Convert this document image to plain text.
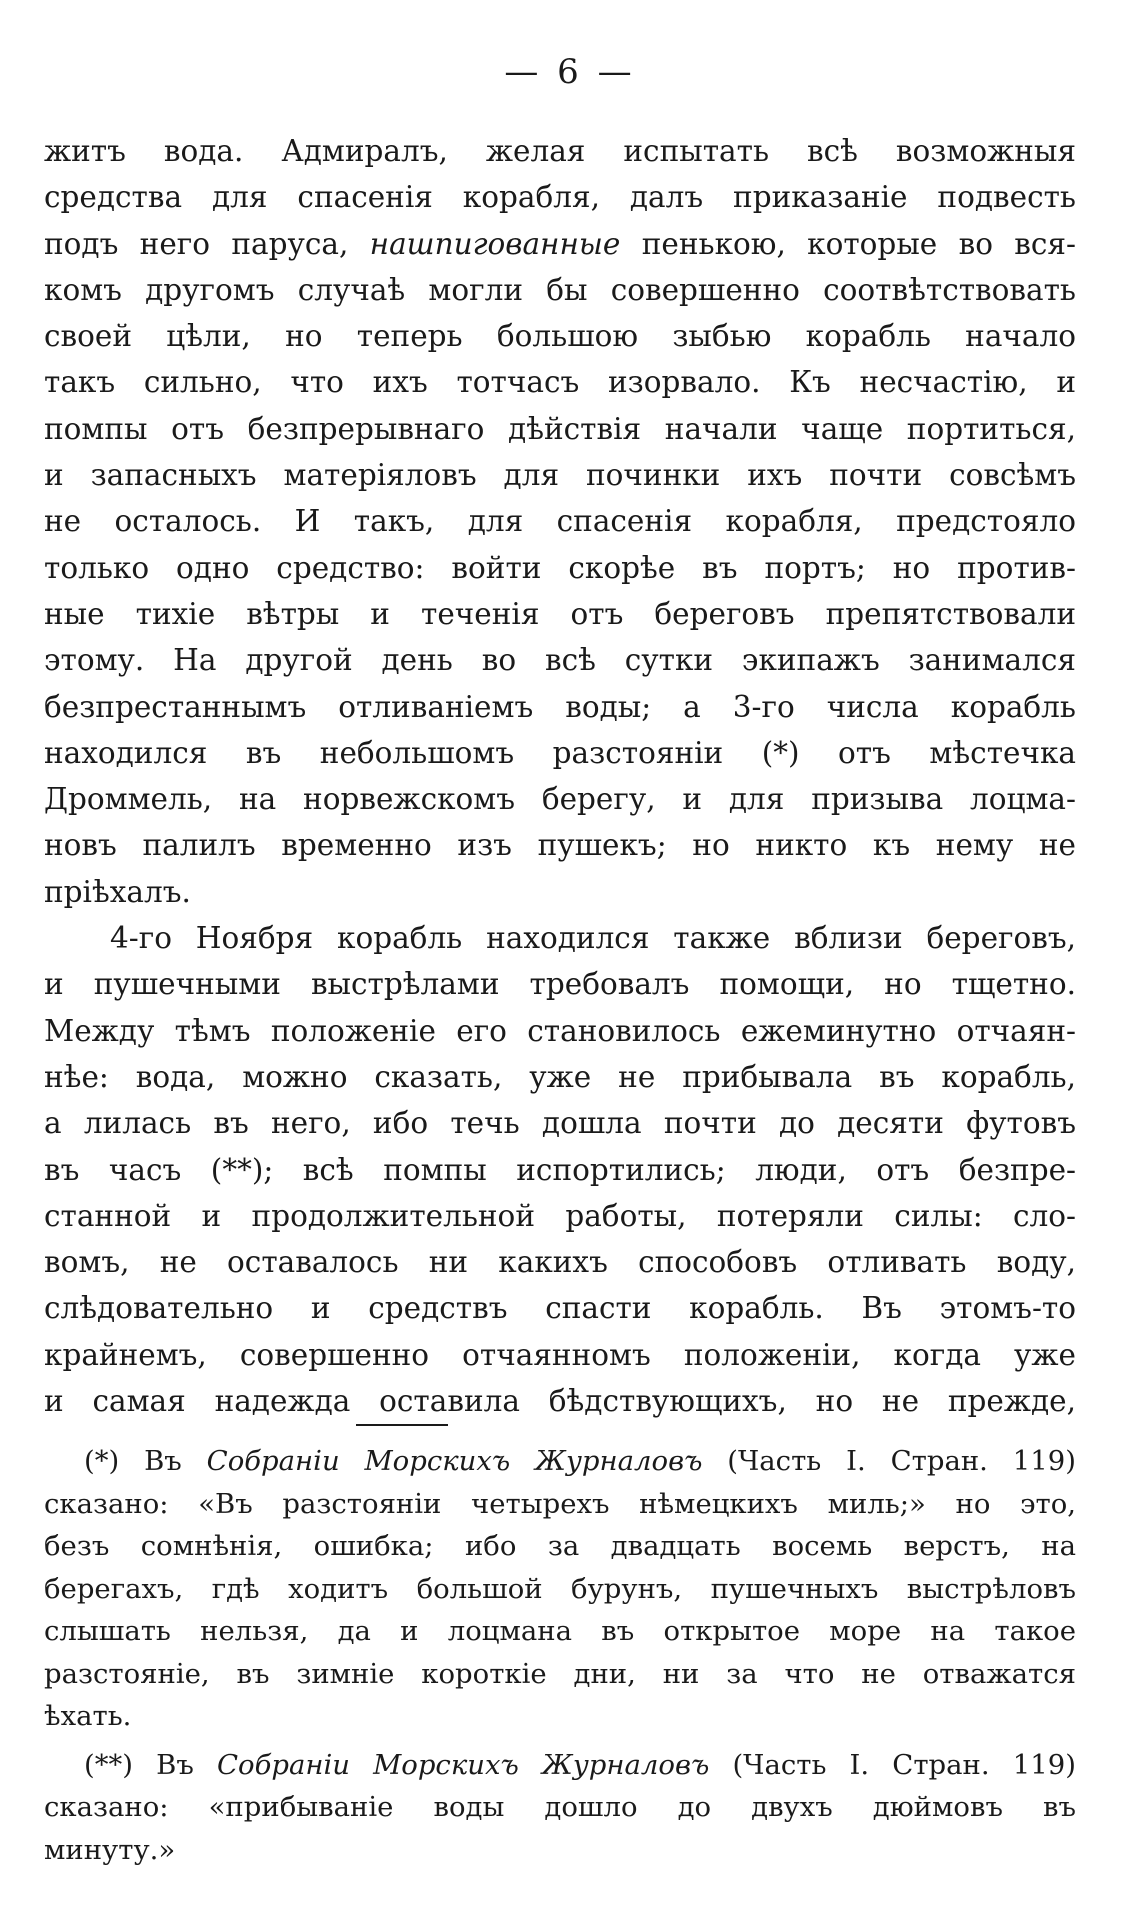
— 6 —

житъ вода. Адмиралъ, желая испытать всѣ возможныя
средства для спасенія корабля, далъ приказаніе подвесть
подъ него паруса, нашпигованные пенькою, которые во вся-
комъ другомъ случаѣ могли бы совершенно соотвѣтствовать
своей цѣли, но теперь большою зыбью корабль начало
такъ сильно, что ихъ тотчасъ изорвало. Къ несчастію, и
помпы отъ безпрерывнаго дѣйствія начали чаще портиться,
и запасныхъ матеріяловъ для починки ихъ почти совсѣмъ
не осталось. И такъ, для спасенія корабля, предстояло
только одно средство: войти скорѣе въ портъ; но против-
ные тихіе вѣтры и теченія отъ береговъ препятствовали
этому. На другой день во всѣ сутки экипажъ занимался
безпрестаннымъ отливаніемъ воды; а 3-го числа корабль
находился въ небольшомъ разстояніи (*) отъ мѣстечка
Дроммель, на норвежскомъ берегу, и для призыва лоцма-
новъ палилъ временно изъ пушекъ; но никто къ нему не
пріѣхалъ.

4-го Ноября корабль находился также вблизи береговъ,
и пушечными выстрѣлами требовалъ помощи, но тщетно.
Между тѣмъ положеніе его становилось ежеминутно отчаян-
нѣе: вода, можно сказать, уже не прибывала въ корабль,
а лилась въ него, ибо течь дошла почти до десяти футовъ
въ часъ (**); всѣ помпы испортились; люди, отъ безпре-
станной и продолжительной работы, потеряли силы: сло-
вомъ, не оставалось ни какихъ способовъ отливать воду,
слѣдовательно и средствъ спасти корабль. Въ этомъ-то
крайнемъ, совершенно отчаянномъ положеніи, когда уже
и самая надежда оставила бѣдствующихъ, но не прежде,

(*) Въ Собраніи Морскихъ Журналовъ (Часть I. Стран. 119)
сказано: «Въ разстояніи четырехъ нѣмецкихъ миль;» но это,
безъ сомнѣнія, ошибка; ибо за двадцать восемь верстъ, на
берегахъ, гдѣ ходитъ большой бурунъ, пушечныхъ выстрѣловъ
слышать нельзя, да и лоцмана въ открытое море на такое
разстояніе, въ зимніе короткіе дни, ни за что не отважатся
ѣхать.
(**) Въ Собраніи Морскихъ Журналовъ (Часть I. Стран. 119)
сказано: «прибываніе воды дошло до двухъ дюймовъ въ
минуту.»
